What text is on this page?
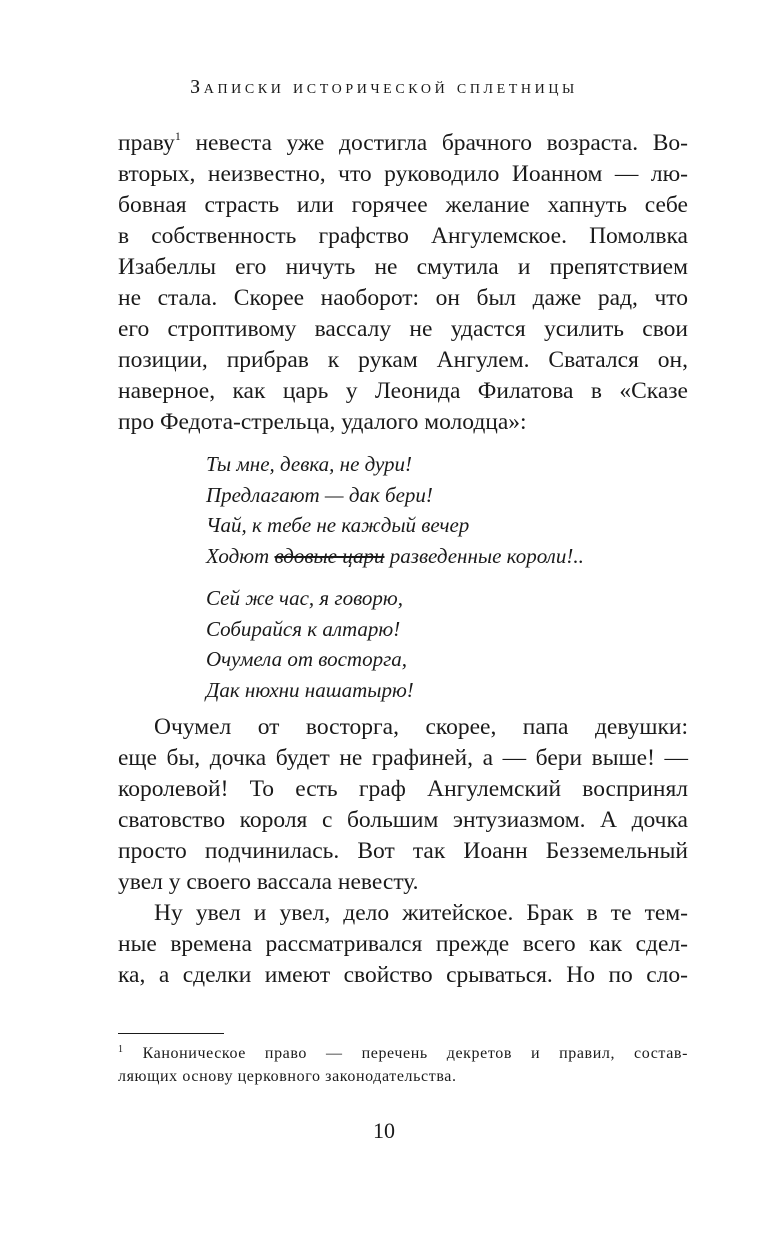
Записки исторической сплетницы
праву$^1$ невеста уже достигла брачного возраста. Во-
вторых, неизвестно, что руководило Иоанном — лю-
бовная страсть или горячее желание хапнуть себе
в собственность графство Ангулемское. Помолвка
Изабеллы его ничуть не смутила и препятствием
не стала. Скорее наоборот: он был даже рад, что
его строптивому вассалу не удастся усилить свои
позиции, прибрав к рукам Ангулем. Сватался он,
наверное, как царь у Леонида Филатова в «Сказе
про Федота-стрельца, удалого молодца»:
Ты мне, девка, не дури!
Предлагают — дак бери!
Чай, к тебе не каждый вечер
Ходют вдовые цари разведенные короли!..
Сей же час, я говорю,
Собирайся к алтарю!
Очумела от восторга,
Дак нюхни нашатырю!
Очумел от восторга, скорее, папа девушки:
еще бы, дочка будет не графиней, а — бери выше! —
королевой! То есть граф Ангулемский воспринял
сватовство короля с большим энтузиазмом. А дочка
просто подчинилась. Вот так Иоанн Безземельный
увел у своего вассала невесту.
Ну увел и увел, дело житейское. Брак в те тем-
ные времена рассматривался прежде всего как сдел-
ка, а сделки имеют свойство срываться. Но по сло-
$^1$ Каноническое право — перечень декретов и правил, состав-
ляющих основу церковного законодательства.
10
